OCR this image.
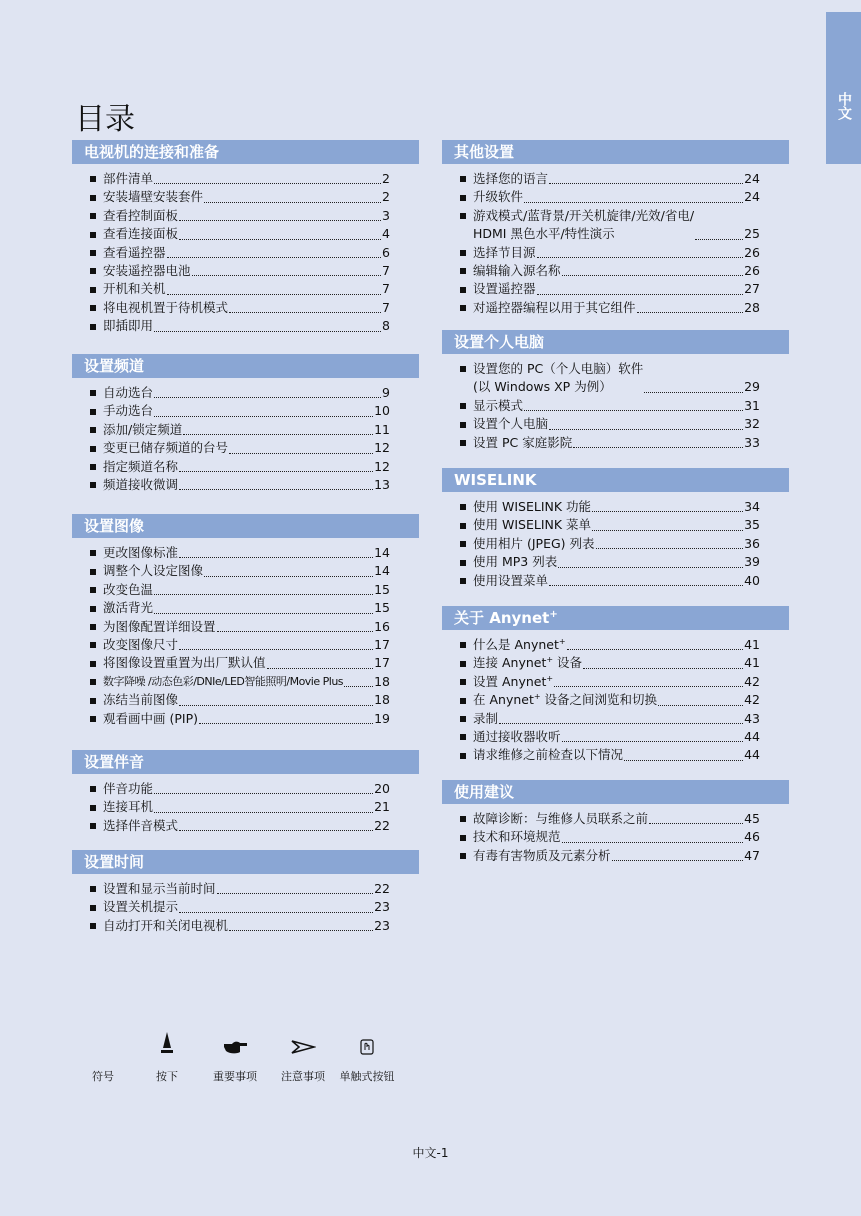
中文
目录
电视机的连接和准备
部件清单	2
安装墙壁安装套件	2
查看控制面板	3
查看连接面板	4
查看遥控器	6
安装遥控器电池	7
开机和关机	7
将电视机置于待机模式	7
即插即用	8
设置频道
自动选台	9
手动选台	10
添加/锁定频道	11
变更已储存频道的台号	12
指定频道名称	12
频道接收微调	13
设置图像
更改图像标准	14
调整个人设定图像	14
改变色温	15
激活背光	15
为图像配置详细设置	16
改变图像尺寸	17
将图像设置重置为出厂默认值	17
数字降噪 /动态色彩/DNIe/LED智能照明/Movie Plus 18
冻结当前图像	18
观看画中画 (PIP)	19
设置伴音
伴音功能	20
连接耳机	21
选择伴音模式	22
设置时间
设置和显示当前时间	22
设置关机提示	23
自动打开和关闭电视机	23
其他设置
选择您的语言	24
升级软件	24
游戏模式/蓝背景/开关机旋律/光效/省电/
HDMI 黑色水平/特性演示	25
选择节目源	26
编辑输入源名称	26
设置遥控器	27
对遥控器编程以用于其它组件	28
设置个人电脑
设置您的 PC（个人电脑）软件
(以 Windows XP 为例）	29
显示模式	31
设置个人电脑	32
设置 PC 家庭影院	33
WISELINK
使用 WISELINK 功能	34
使用 WISELINK 菜单	35
使用相片 (JPEG) 列表	36
使用 MP3 列表	39
使用设置菜单	40
关于 Anynet+
什么是 Anynet+	41
连接 Anynet+ 设备	41
设置 Anynet+	42
在 Anynet+ 设备之间浏览和切换	42
录制	43
通过接收器收听	44
请求维修之前检查以下情况	44
使用建议
故障诊断：与维修人员联系之前	45
技术和环境规范	46
有毒有害物质及元素分析	47
符号	按下	重要事项	注意事项	单触式按钮
中文-1
